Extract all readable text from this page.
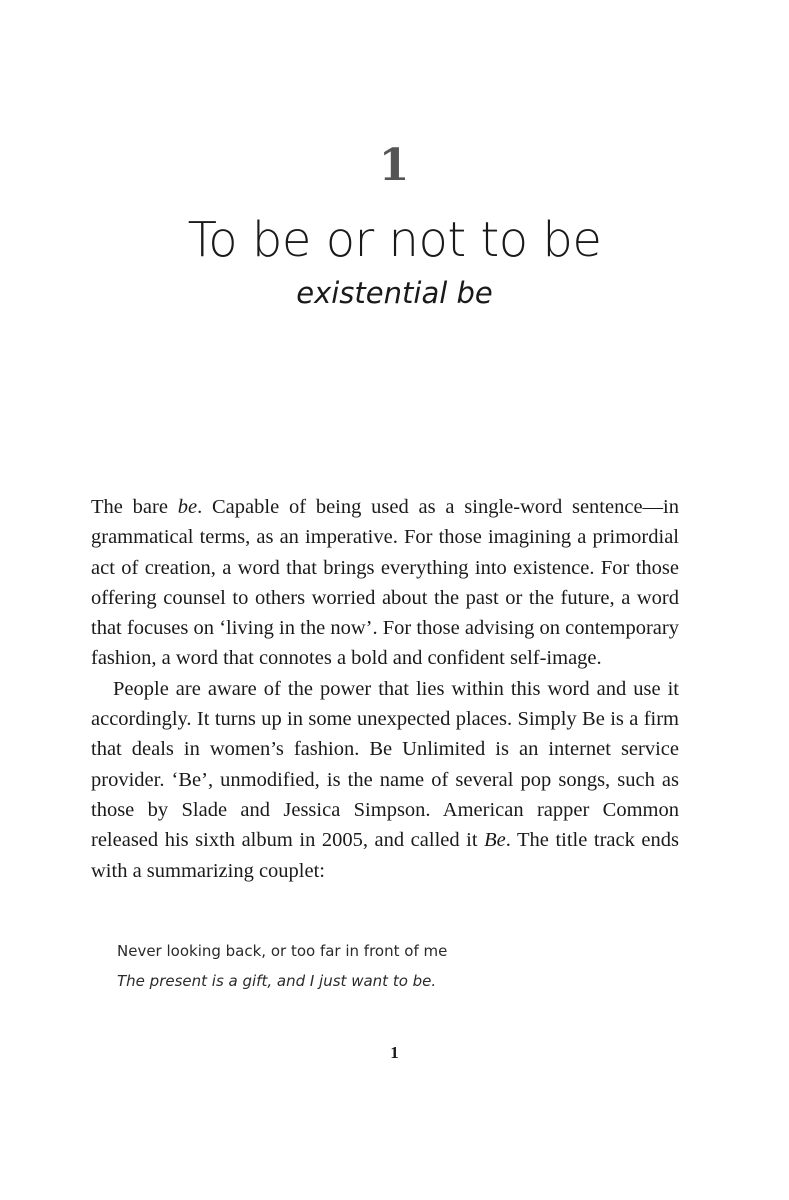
1
To be or not to be
existential be

The bare be. Capable of being used as a single-word sentence—in grammatical terms, as an imperative. For those imagining a primordial act of creation, a word that brings everything into existence. For those offering counsel to others worried about the past or the future, a word that focuses on ‘living in the now’. For those advising on contemporary fashion, a word that connotes a bold and confident self-image.

People are aware of the power that lies within this word and use it accordingly. It turns up in some unexpected places. Simply Be is a firm that deals in women’s fashion. Be Unlimited is an internet service provider. ‘Be’, unmodified, is the name of several pop songs, such as those by Slade and Jessica Simpson. American rapper Common released his sixth album in 2005, and called it Be. The title track ends with a summarizing couplet:

Never looking back, or too far in front of me
The present is a gift, and I just want to be.
1
